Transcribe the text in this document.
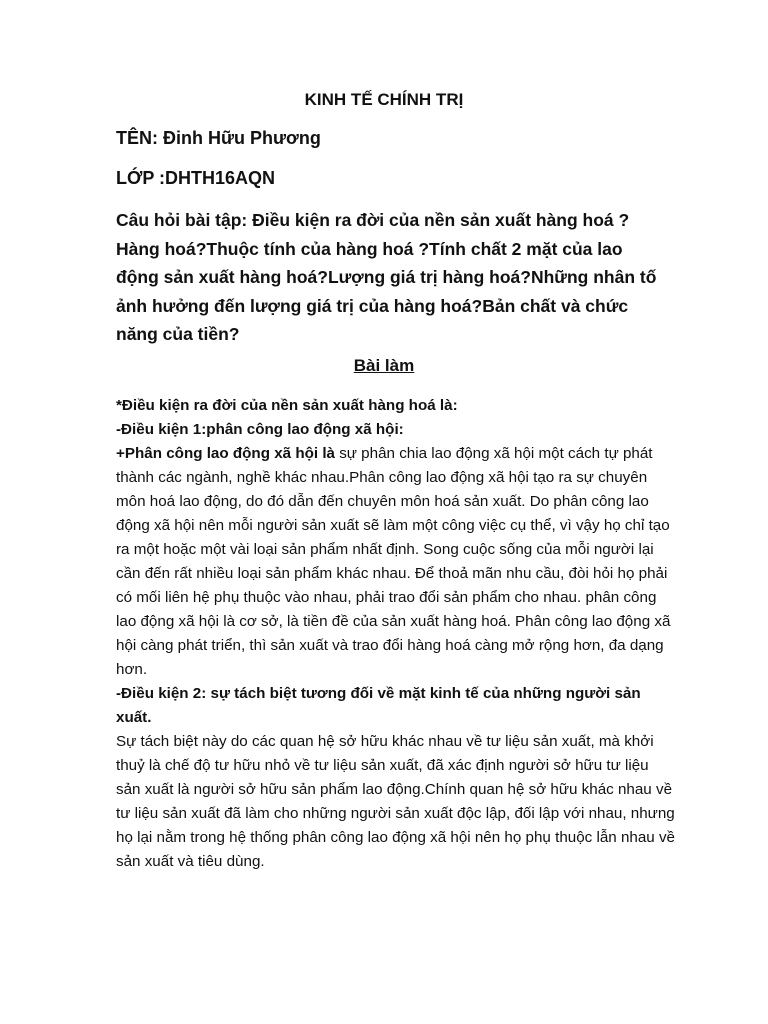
KINH TẾ CHÍNH TRỊ

TÊN: Đinh Hữu Phương

LỚP :DHTH16AQN

Câu hỏi bài tập: Điều kiện ra đời của nền sản xuất hàng hoá ? Hàng hoá?Thuộc tính của hàng hoá ?Tính chất 2 mặt của lao động sản xuất hàng hoá?Lượng giá trị hàng hoá?Những nhân tố ảnh hưởng đến lượng giá trị của hàng hoá?Bản chất và chức năng của tiền?

Bài làm

*Điều kiện ra đời của nền sản xuất hàng hoá là:

-Điều kiện 1:phân công lao động xã hội:

+Phân công lao động xã hội là sự phân chia lao động xã hội một cách tự phát thành các ngành, nghề khác nhau.Phân công lao động xã hội tạo ra sự chuyên môn hoá lao động, do đó dẫn đến chuyên môn hoá sản xuất. Do phân công lao động xã hội nên mỗi người sản xuất sẽ làm một công việc cụ thể, vì vậy họ chỉ tạo ra một hoặc một vài loại sản phẩm nhất định. Song cuộc sống của mỗi người lại cần đến rất nhiều loại sản phẩm khác nhau. Để thoả mãn nhu cầu, đòi hỏi họ phải có mối liên hệ phụ thuộc vào nhau, phải trao đổi sản phẩm cho nhau. phân công lao động xã hội là cơ sở, là tiền đề của sản xuất hàng hoá. Phân công lao động xã hội càng phát triển, thì sản xuất và trao đổi hàng hoá càng mở rộng hơn, đa dạng hơn.

-Điều kiện 2: sự tách biệt tương đối về mặt kinh tế của những người sản xuất.

Sự tách biệt này do các quan hệ sở hữu khác nhau về tư liệu sản xuất, mà khởi thuỷ là chế độ tư hữu nhỏ về tư liệu sản xuất, đã xác định người sở hữu tư liệu sản xuất là người sở hữu sản phẩm lao động.Chính quan hệ sở hữu khác nhau về tư liệu sản xuất đã làm cho những người sản xuất độc lập, đối lập với nhau, nhưng họ lại nằm trong hệ thống phân công lao động xã hội nên họ phụ thuộc lẫn nhau về sản xuất và tiêu dùng.
